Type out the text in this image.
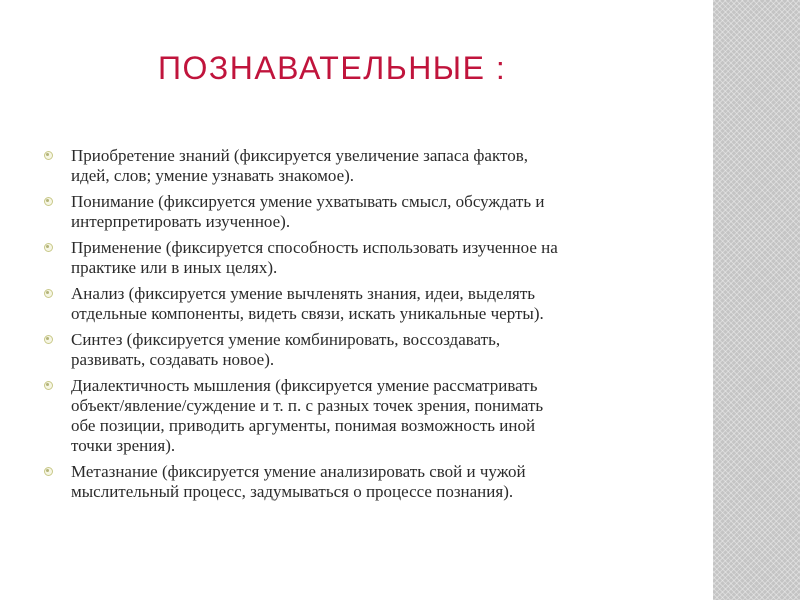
ПОЗНАВАТЕЛЬНЫЕ :
Приобретение знаний (фиксируется увеличение запаса фактов,
идей, слов; умение узнавать знакомое).
Понимание (фиксируется умение ухватывать смысл, обсуждать и
интерпретировать изученное).
Применение (фиксируется способность использовать изученное на
практике или в иных целях).
Анализ (фиксируется умение вычленять знания, идеи, выделять
отдельные компоненты, видеть связи, искать уникальные черты).
Синтез (фиксируется умение комбинировать, воссоздавать,
развивать, создавать новое).
Диалектичность мышления (фиксируется умение рассматривать
объект/явление/суждение и т. п. с разных точек зрения, понимать
обе позиции, приводить аргументы, понимая возможность иной
точки зрения).
Метазнание (фиксируется умение анализировать свой и чужой
мыслительный процесс, задумываться о процессе познания).
